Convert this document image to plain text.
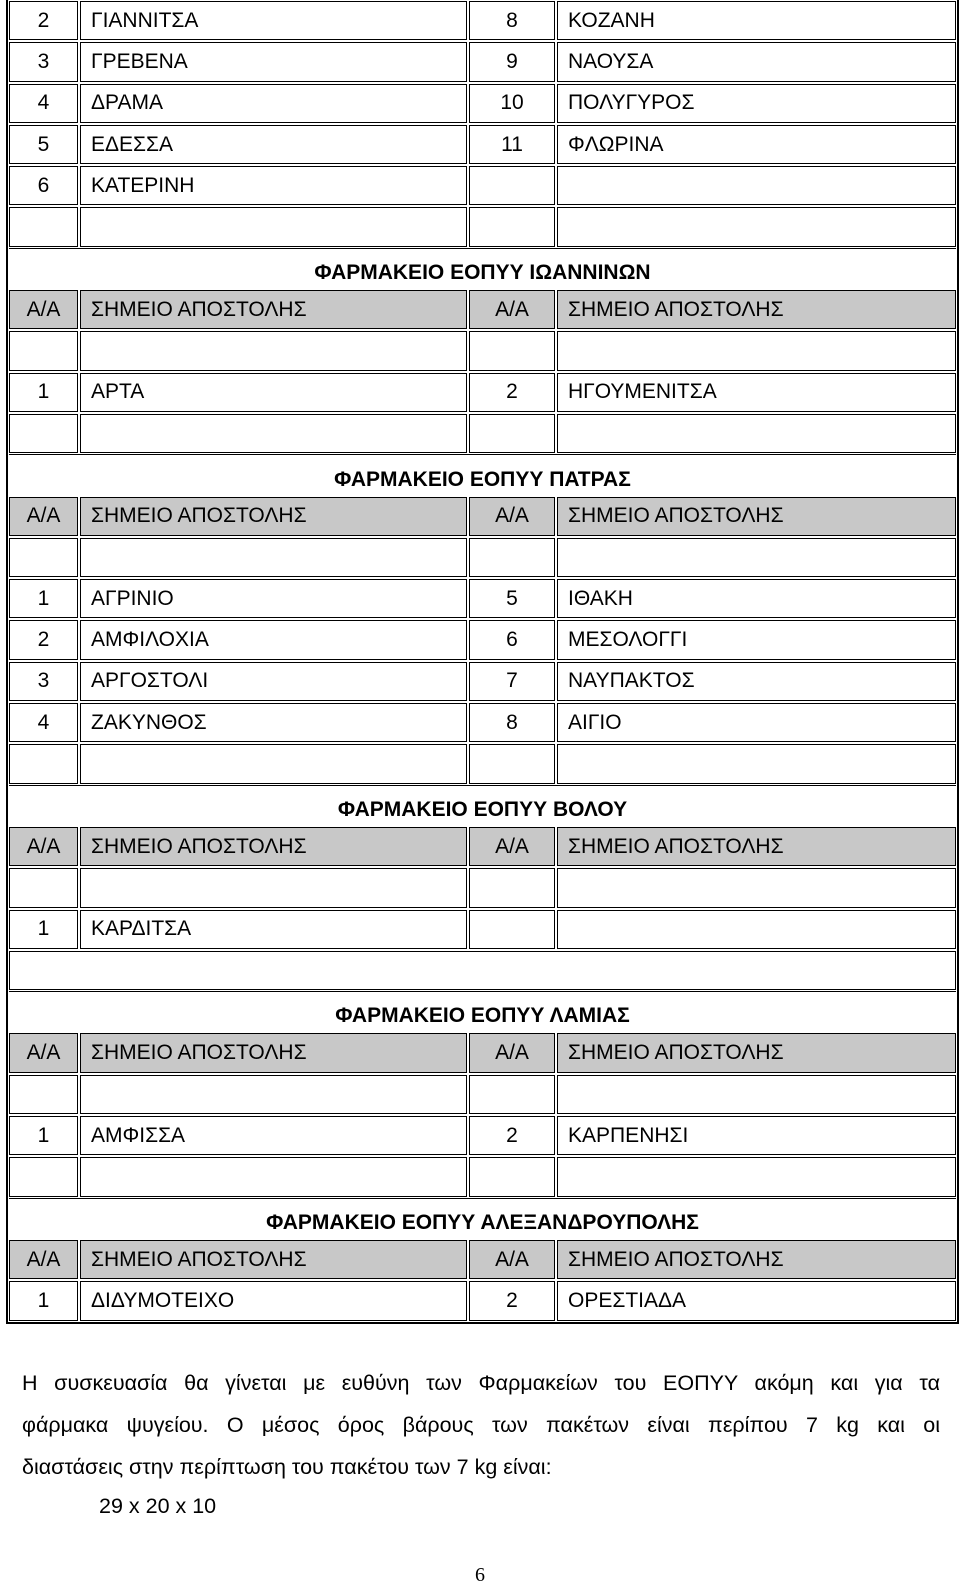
2	ΓΙΑΝΝΙΤΣΑ	8	ΚΟΖΑΝΗ
3	ΓΡΕΒΕΝΑ	9	ΝΑΟΥΣΑ
4	ΔΡΑΜΑ	10	ΠΟΛΥΓΥΡΟΣ
5	ΕΔΕΣΣΑ	11	ΦΛΩΡΙΝΑ
6	ΚΑΤΕΡΙΝΗ
ΦΑΡΜΑΚΕΙΟ ΕΟΠΥΥ ΙΩΑΝΝΙΝΩΝ
Α/Α	ΣΗΜΕΙΟ ΑΠΟΣΤΟΛΗΣ	Α/Α	ΣΗΜΕΙΟ ΑΠΟΣΤΟΛΗΣ
1	ΑΡΤΑ	2	ΗΓΟΥΜΕΝΙΤΣΑ
ΦΑΡΜΑΚΕΙΟ ΕΟΠΥΥ ΠΑΤΡΑΣ
Α/Α	ΣΗΜΕΙΟ ΑΠΟΣΤΟΛΗΣ	Α/Α	ΣΗΜΕΙΟ ΑΠΟΣΤΟΛΗΣ
1	ΑΓΡΙΝΙΟ	5	ΙΘΑΚΗ
2	ΑΜΦΙΛΟΧΙΑ	6	ΜΕΣΟΛΟΓΓΙ
3	ΑΡΓΟΣΤΟΛΙ	7	ΝΑΥΠΑΚΤΟΣ
4	ΖΑΚΥΝΘΟΣ	8	ΑΙΓΙΟ
ΦΑΡΜΑΚΕΙΟ ΕΟΠΥΥ ΒΟΛΟΥ
Α/Α	ΣΗΜΕΙΟ ΑΠΟΣΤΟΛΗΣ	Α/Α	ΣΗΜΕΙΟ ΑΠΟΣΤΟΛΗΣ
1	ΚΑΡΔΙΤΣΑ
ΦΑΡΜΑΚΕΙΟ ΕΟΠΥΥ ΛΑΜΙΑΣ
Α/Α	ΣΗΜΕΙΟ ΑΠΟΣΤΟΛΗΣ	Α/Α	ΣΗΜΕΙΟ ΑΠΟΣΤΟΛΗΣ
1	ΑΜΦΙΣΣΑ	2	ΚΑΡΠΕΝΗΣΙ
ΦΑΡΜΑΚΕΙΟ ΕΟΠΥΥ ΑΛΕΞΑΝΔΡΟΥΠΟΛΗΣ
Α/Α	ΣΗΜΕΙΟ ΑΠΟΣΤΟΛΗΣ	Α/Α	ΣΗΜΕΙΟ ΑΠΟΣΤΟΛΗΣ
1	ΔΙΔΥΜΟΤΕΙΧΟ	2	ΟΡΕΣΤΙΑΔΑ
Η συσκευασία θα γίνεται με ευθύνη των Φαρμακείων του ΕΟΠΥΥ ακόμη και για τα
φάρμακα ψυγείου. Ο μέσος όρος βάρους των πακέτων είναι περίπου 7 kg και οι
διαστάσεις στην περίπτωση του πακέτου των 7 kg είναι:
29 x 20 x 10
6
